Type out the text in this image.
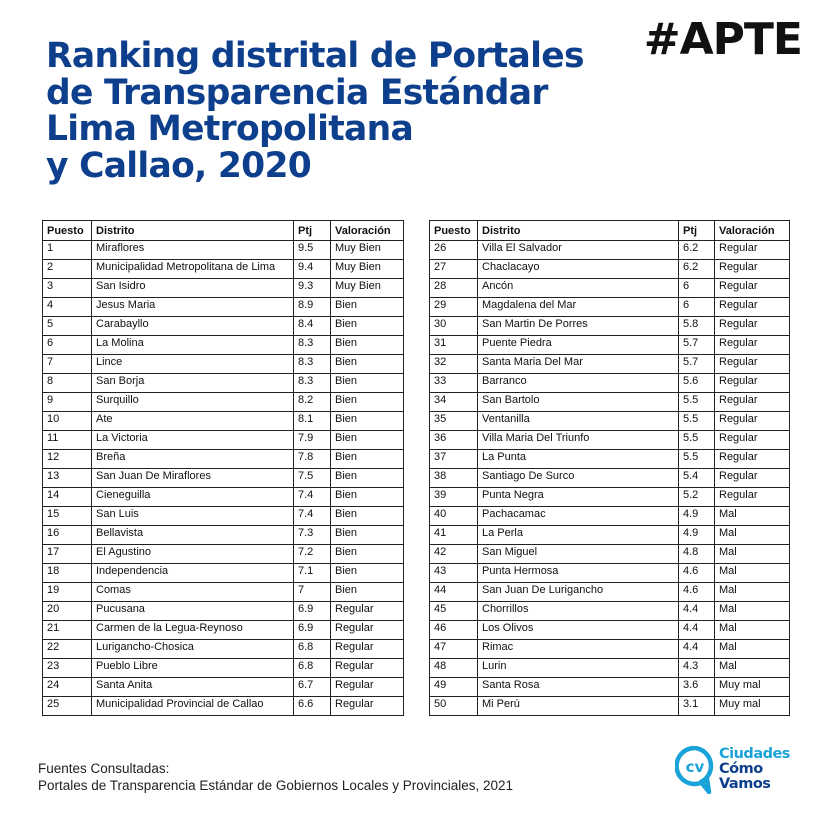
Ranking distrital de Portales
de Transparencia Estándar
Lima Metropolitana
y Callao, 2020
#APTE
Puesto	Distrito	Ptj	Valoración
1	Miraflores	9.5	Muy Bien
2	Municipalidad Metropolitana de Lima	9.4	Muy Bien
3	San Isidro	9.3	Muy Bien
4	Jesus Maria	8.9	Bien
5	Carabayllo	8.4	Bien
6	La Molina	8.3	Bien
7	Lince	8.3	Bien
8	San Borja	8.3	Bien
9	Surquillo	8.2	Bien
10	Ate	8.1	Bien
11	La Victoria	7.9	Bien
12	Breña	7.8	Bien
13	San Juan De Miraflores	7.5	Bien
14	Cieneguilla	7.4	Bien
15	San Luis	7.4	Bien
16	Bellavista	7.3	Bien
17	El Agustino	7.2	Bien
18	Independencia	7.1	Bien
19	Comas	7	Bien
20	Pucusana	6.9	Regular
21	Carmen de la Legua-Reynoso	6.9	Regular
22	Lurigancho-Chosica	6.8	Regular
23	Pueblo Libre	6.8	Regular
24	Santa Anita	6.7	Regular
25	Municipalidad Provincial de Callao	6.6	Regular
Puesto	Distrito	Ptj	Valoración
26	Villa El Salvador	6.2	Regular
27	Chaclacayo	6.2	Regular
28	Ancón	6	Regular
29	Magdalena del Mar	6	Regular
30	San Martin De Porres	5.8	Regular
31	Puente Piedra	5.7	Regular
32	Santa Maria Del Mar	5.7	Regular
33	Barranco	5.6	Regular
34	San Bartolo	5.5	Regular
35	Ventanilla	5.5	Regular
36	Villa Maria Del Triunfo	5.5	Regular
37	La Punta	5.5	Regular
38	Santiago De Surco	5.4	Regular
39	Punta Negra	5.2	Regular
40	Pachacamac	4.9	Mal
41	La Perla	4.9	Mal
42	San Miguel	4.8	Mal
43	Punta Hermosa	4.6	Mal
44	San Juan De Lurigancho	4.6	Mal
45	Chorrillos	4.4	Mal
46	Los Olivos	4.4	Mal
47	Rimac	4.4	Mal
48	Lurin	4.3	Mal
49	Santa Rosa	3.6	Muy mal
50	Mi Perú	3.1	Muy mal
Fuentes Consultadas:
Portales de Transparencia Estándar de Gobiernos Locales y Provinciales, 2021
cv
Ciudades
Cómo
Vamos
